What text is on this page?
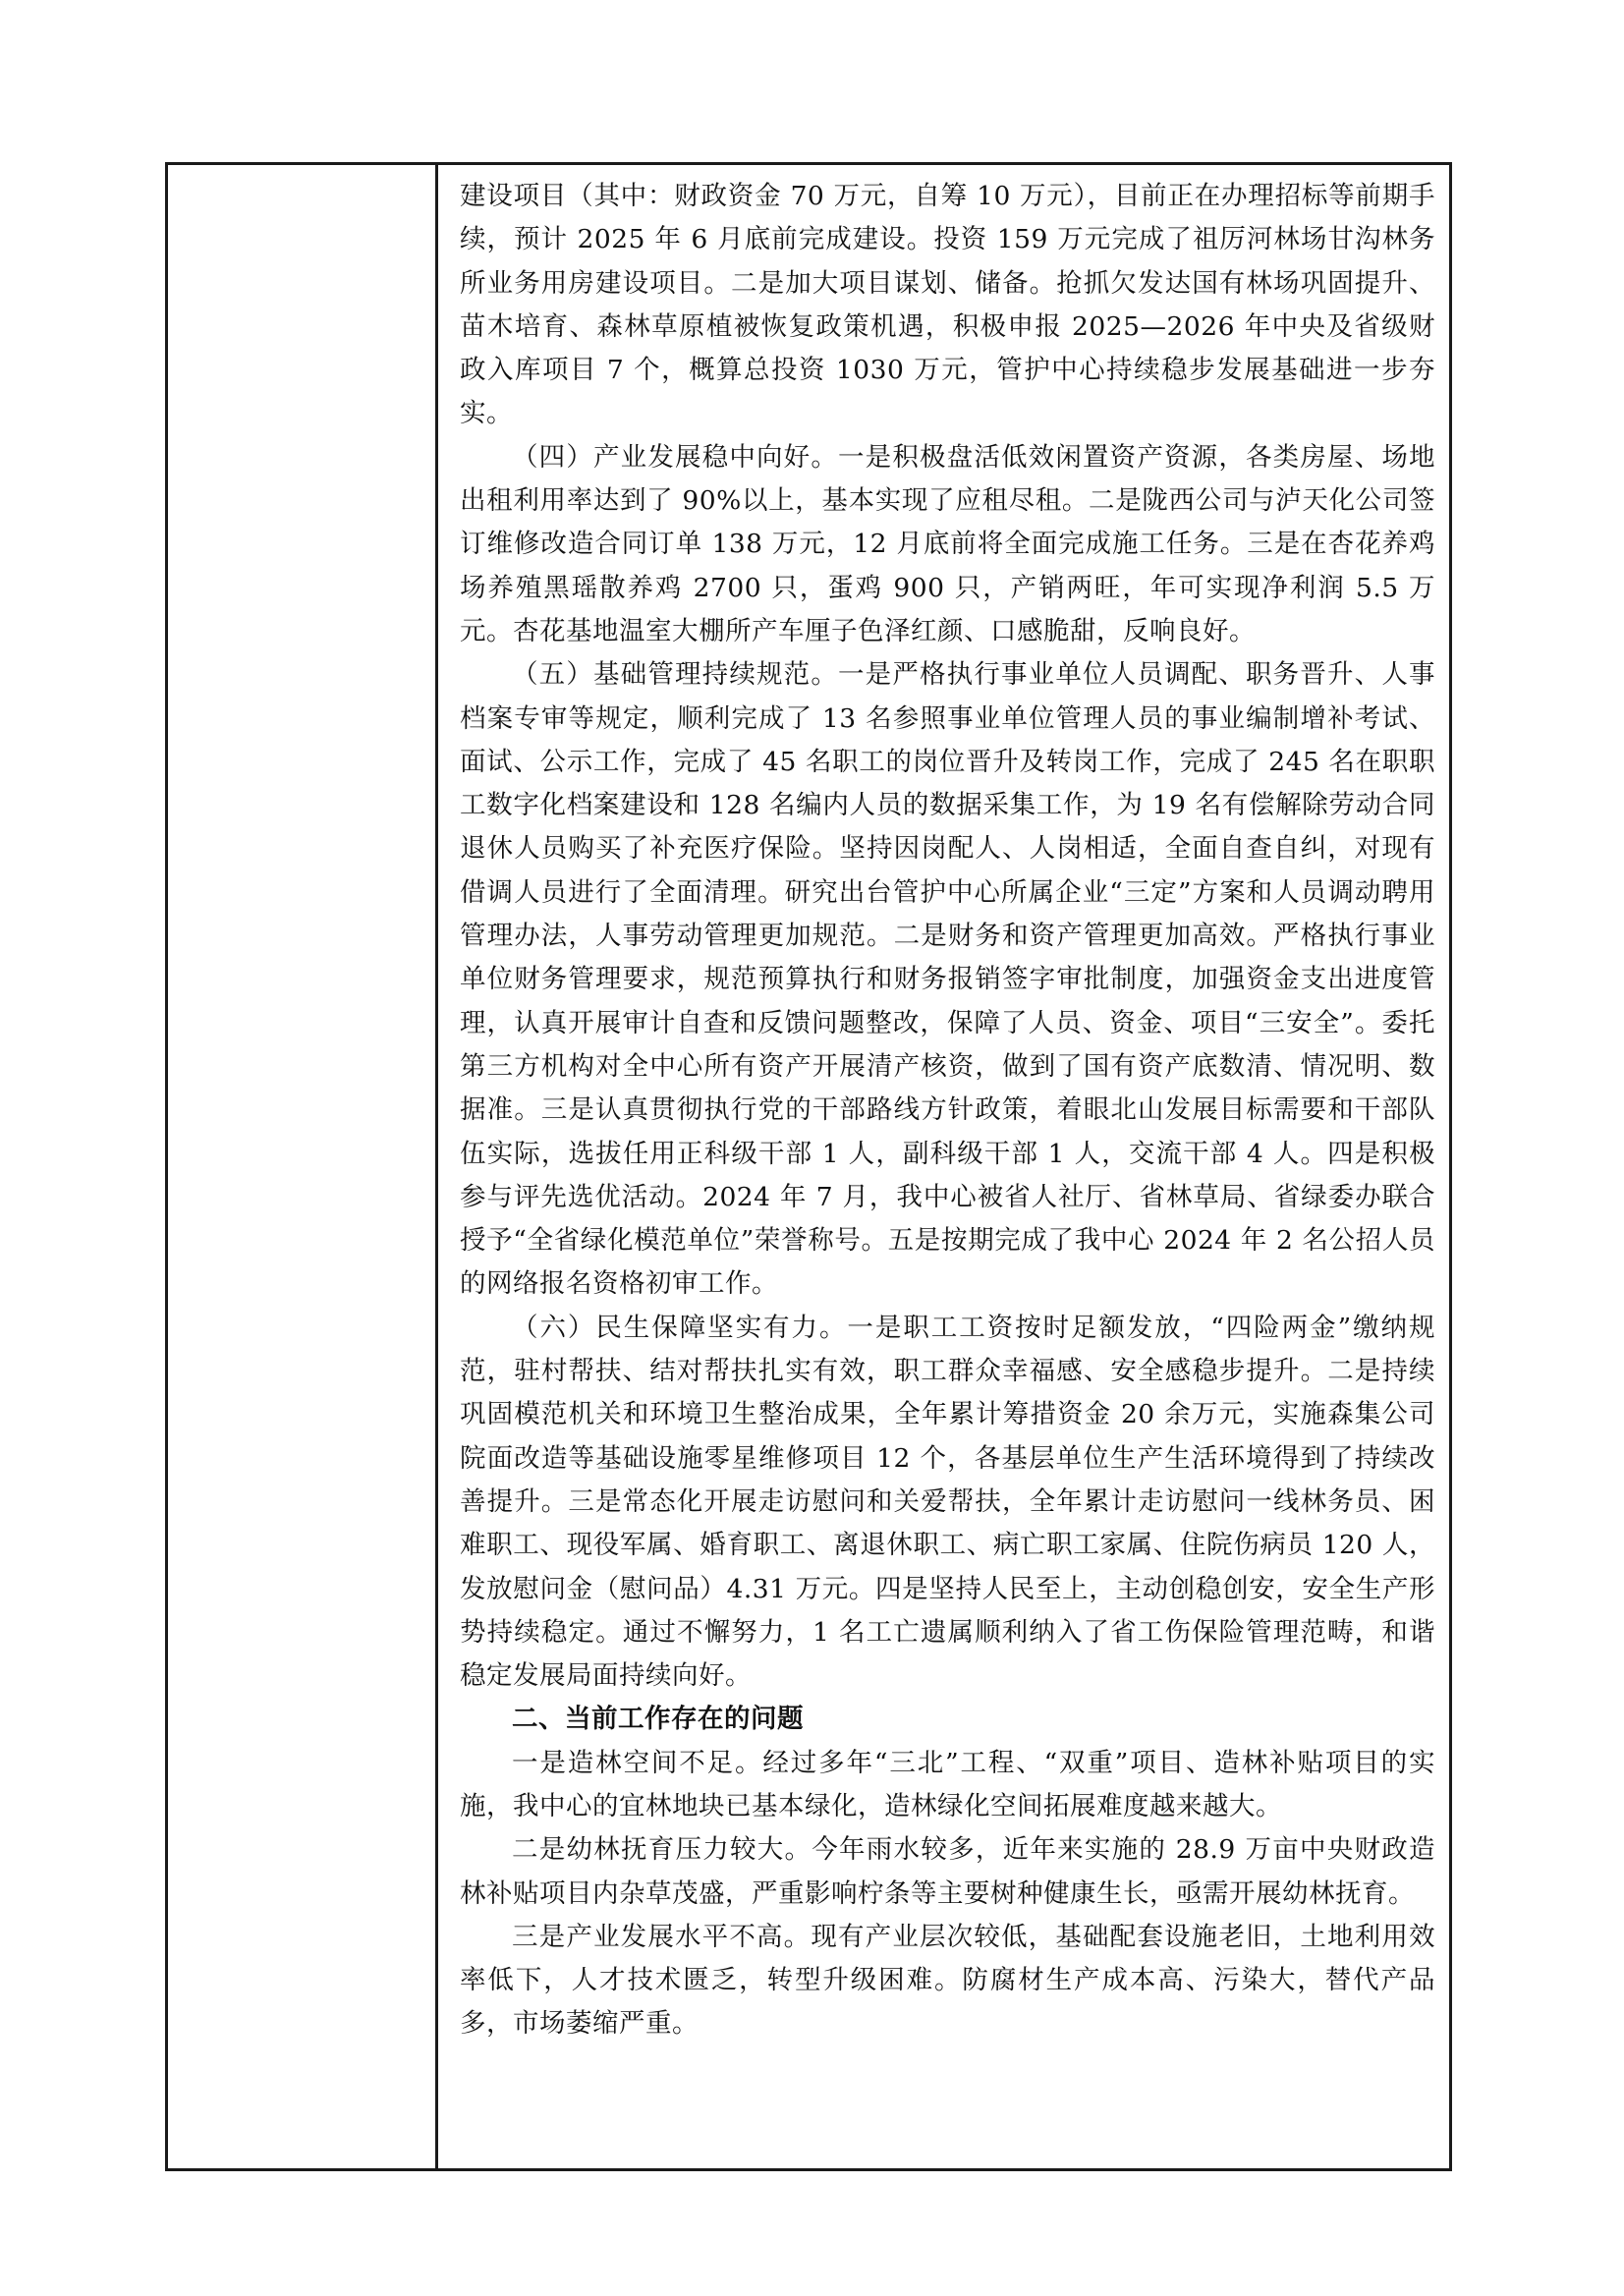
建设项目（其中：财政资金 70 万元，自筹 10 万元），目前正在办理招标等前期手续，预计 2025 年 6 月底前完成建设。投资 159 万元完成了祖厉河林场甘沟林务所业务用房建设项目。二是加大项目谋划、储备。抢抓欠发达国有林场巩固提升、苗木培育、森林草原植被恢复政策机遇，积极申报 2025—2026 年中央及省级财政入库项目 7 个，概算总投资 1030 万元，管护中心持续稳步发展基础进一步夯实。

（四）产业发展稳中向好。一是积极盘活低效闲置资产资源，各类房屋、场地出租利用率达到了 90%以上，基本实现了应租尽租。二是陇西公司与泸天化公司签订维修改造合同订单 138 万元，12 月底前将全面完成施工任务。三是在杏花养鸡场养殖黑瑶散养鸡 2700 只，蛋鸡 900 只，产销两旺，年可实现净利润 5.5 万元。杏花基地温室大棚所产车厘子色泽红颜、口感脆甜，反响良好。

（五）基础管理持续规范。一是严格执行事业单位人员调配、职务晋升、人事档案专审等规定，顺利完成了 13 名参照事业单位管理人员的事业编制增补考试、面试、公示工作，完成了 45 名职工的岗位晋升及转岗工作，完成了 245 名在职职工数字化档案建设和 128 名编内人员的数据采集工作，为 19 名有偿解除劳动合同退休人员购买了补充医疗保险。坚持因岗配人、人岗相适，全面自查自纠，对现有借调人员进行了全面清理。研究出台管护中心所属企业“三定”方案和人员调动聘用管理办法，人事劳动管理更加规范。二是财务和资产管理更加高效。严格执行事业单位财务管理要求，规范预算执行和财务报销签字审批制度，加强资金支出进度管理，认真开展审计自查和反馈问题整改，保障了人员、资金、项目“三安全”。委托第三方机构对全中心所有资产开展清产核资，做到了国有资产底数清、情况明、数据准。三是认真贯彻执行党的干部路线方针政策，着眼北山发展目标需要和干部队伍实际，选拔任用正科级干部 1 人，副科级干部 1 人，交流干部 4 人。四是积极参与评先选优活动。2024 年 7 月，我中心被省人社厅、省林草局、省绿委办联合授予“全省绿化模范单位”荣誉称号。五是按期完成了我中心 2024 年 2 名公招人员的网络报名资格初审工作。

（六）民生保障坚实有力。一是职工工资按时足额发放，“四险两金”缴纳规范，驻村帮扶、结对帮扶扎实有效，职工群众幸福感、安全感稳步提升。二是持续巩固模范机关和环境卫生整治成果，全年累计筹措资金 20 余万元，实施森集公司院面改造等基础设施零星维修项目 12 个，各基层单位生产生活环境得到了持续改善提升。三是常态化开展走访慰问和关爱帮扶，全年累计走访慰问一线林务员、困难职工、现役军属、婚育职工、离退休职工、病亡职工家属、住院伤病员 120 人，发放慰问金（慰问品）4.31 万元。四是坚持人民至上，主动创稳创安，安全生产形势持续稳定。通过不懈努力，1 名工亡遗属顺利纳入了省工伤保险管理范畴，和谐稳定发展局面持续向好。

二、当前工作存在的问题

一是造林空间不足。经过多年“三北”工程、“双重”项目、造林补贴项目的实施，我中心的宜林地块已基本绿化，造林绿化空间拓展难度越来越大。

二是幼林抚育压力较大。今年雨水较多，近年来实施的 28.9 万亩中央财政造林补贴项目内杂草茂盛，严重影响柠条等主要树种健康生长，亟需开展幼林抚育。

三是产业发展水平不高。现有产业层次较低，基础配套设施老旧，土地利用效率低下，人才技术匮乏，转型升级困难。防腐材生产成本高、污染大，替代产品多，市场萎缩严重。
